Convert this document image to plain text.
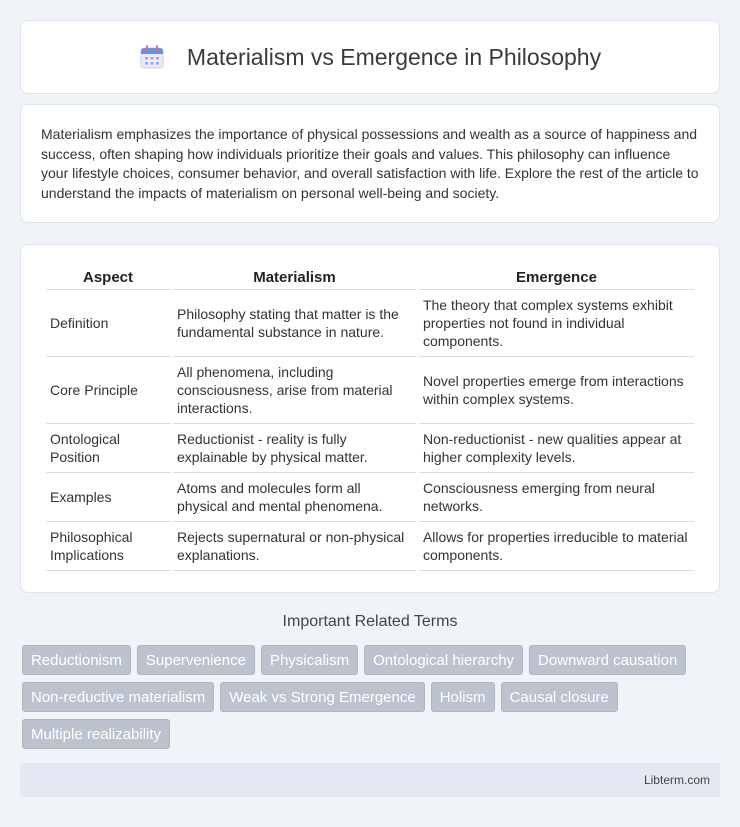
Materialism vs Emergence in Philosophy

Materialism emphasizes the importance of physical possessions and wealth as a source of happiness and success, often shaping how individuals prioritize their goals and values. This philosophy can influence your lifestyle choices, consumer behavior, and overall satisfaction with life. Explore the rest of the article to understand the impacts of materialism on personal well-being and society.

Aspect	Materialism	Emergence
Definition	Philosophy stating that matter is the fundamental substance in nature.	The theory that complex systems exhibit properties not found in individual components.
Core Principle	All phenomena, including consciousness, arise from material interactions.	Novel properties emerge from interactions within complex systems.
Ontological Position	Reductionist - reality is fully explainable by physical matter.	Non-reductionist - new qualities appear at higher complexity levels.
Examples	Atoms and molecules form all physical and mental phenomena.	Consciousness emerging from neural networks.
Philosophical Implications	Rejects supernatural or non-physical explanations.	Allows for properties irreducible to material components.
Important Related Terms
Reductionism	Supervenience	Physicalism	Ontological hierarchy	Downward causation
Non-reductive materialism	Weak vs Strong Emergence	Holism	Causal closure
Multiple realizability
Libterm.com
